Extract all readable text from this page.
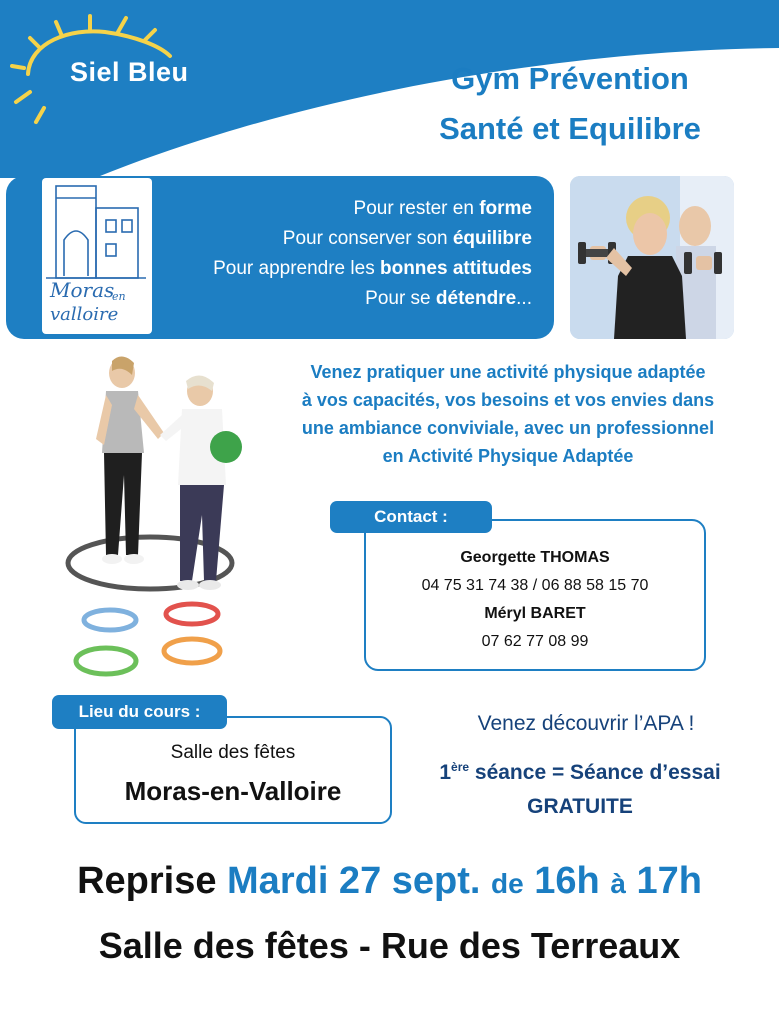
Siel Bleu	Gym Prévention
Santé et Equilibre
Pour rester en forme
Pour conserver son équilibre
Pour apprendre les bonnes attitudes
Pour se détendre...
Moras
en
valloire
Venez pratiquer une activité physique adaptée
à vos capacités, vos besoins et vos envies dans
une ambiance conviviale, avec un professionnel
en Activité Physique Adaptée
Georgette THOMAS
04 75 31 74 38 / 06 88 58 15 70
Méryl BARET
07 62 77 08 99
Contact :
Salle des fêtes
Moras-en-Valloire
Lieu du cours :
Venez découvrir l’APA !
1ère séance = Séance d’essai
GRATUITE
Reprise Mardi 27 sept. de 16h à 17h
Salle des fêtes - Rue des Terreaux
